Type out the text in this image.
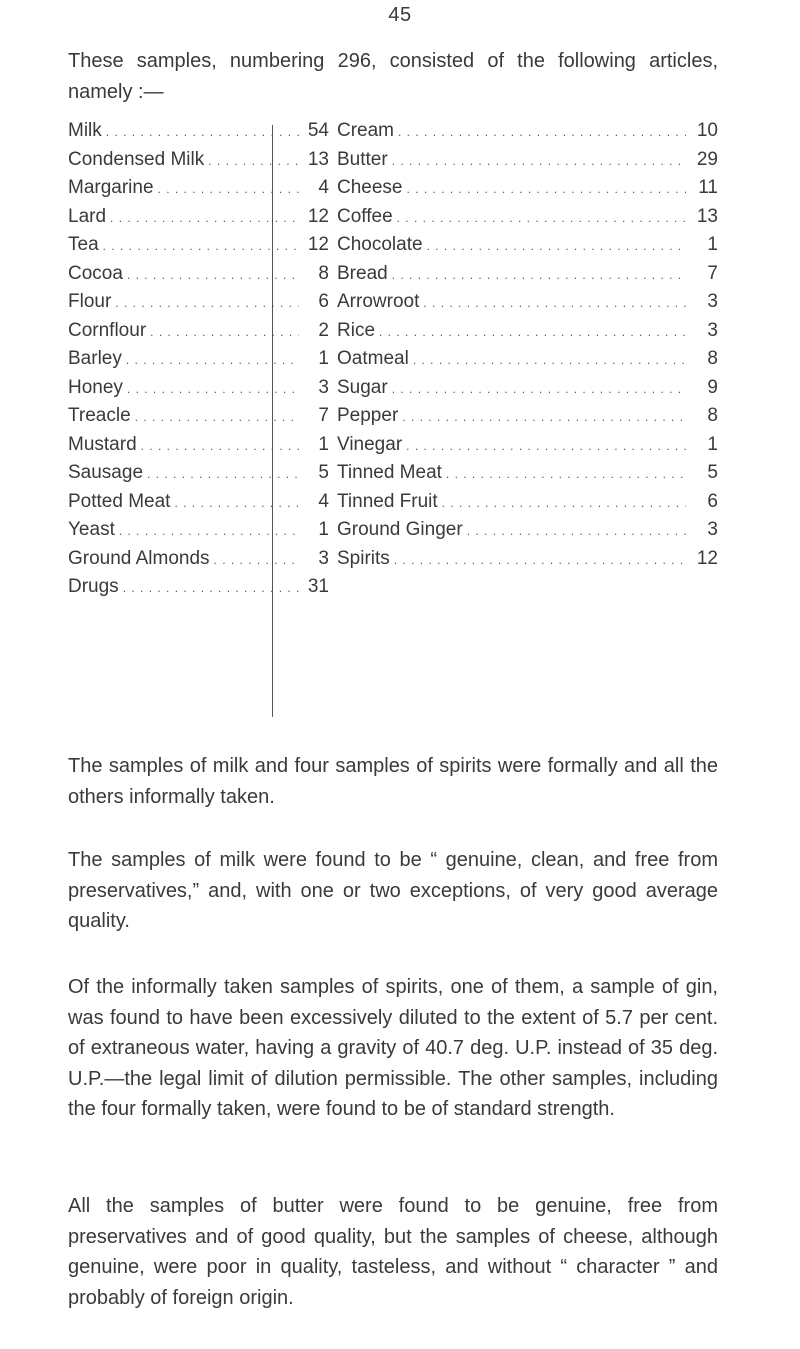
45

These samples, numbering 296, consisted of the following articles, namely :—

Milk . . .	54
Condensed Milk . . .	13
Margarine . . .	4
Lard . . .	12
Tea . . .	12
Cocoa . . .	8
Flour . . .	6
Cornflour . . .	2
Barley . . .	1
Honey . . .	3
Treacle . . .	7
Mustard . . .	1
Sausage . . .	5
Potted Meat . . .	4
Yeast . . .	1
Ground Almonds . . .	3
Drugs . . .	31
Cream . . .	10
Butter . . .	29
Cheese . . .	11
Coffee . . .	13
Chocolate . . .	1
Bread . . .	7
Arrowroot . . .	3
Rice . . .	3
Oatmeal . . .	8
Sugar . . .	9
Pepper . . .	8
Vinegar . . .	1
Tinned Meat . . .	5
Tinned Fruit . . .	6
Ground Ginger . . .	3
Spirits . . .	12

The samples of milk and four samples of spirits were formally and all the others informally taken.

The samples of milk were found to be “ genuine, clean, and free from preservatives,” and, with one or two exceptions, of very good average quality.

Of the informally taken samples of spirits, one of them, a sample of gin, was found to have been excessively diluted to the extent of 5.7 per cent. of extraneous water, having a gravity of 40.7 deg. U.P. instead of 35 deg. U.P.—the legal limit of dilution permissible. The other samples, including the four formally taken, were found to be of standard strength.

All the samples of butter were found to be genuine, free from preservatives and of good quality, but the samples of cheese, although genuine, were poor in quality, tasteless, and without “ character ” and probably of foreign origin.
